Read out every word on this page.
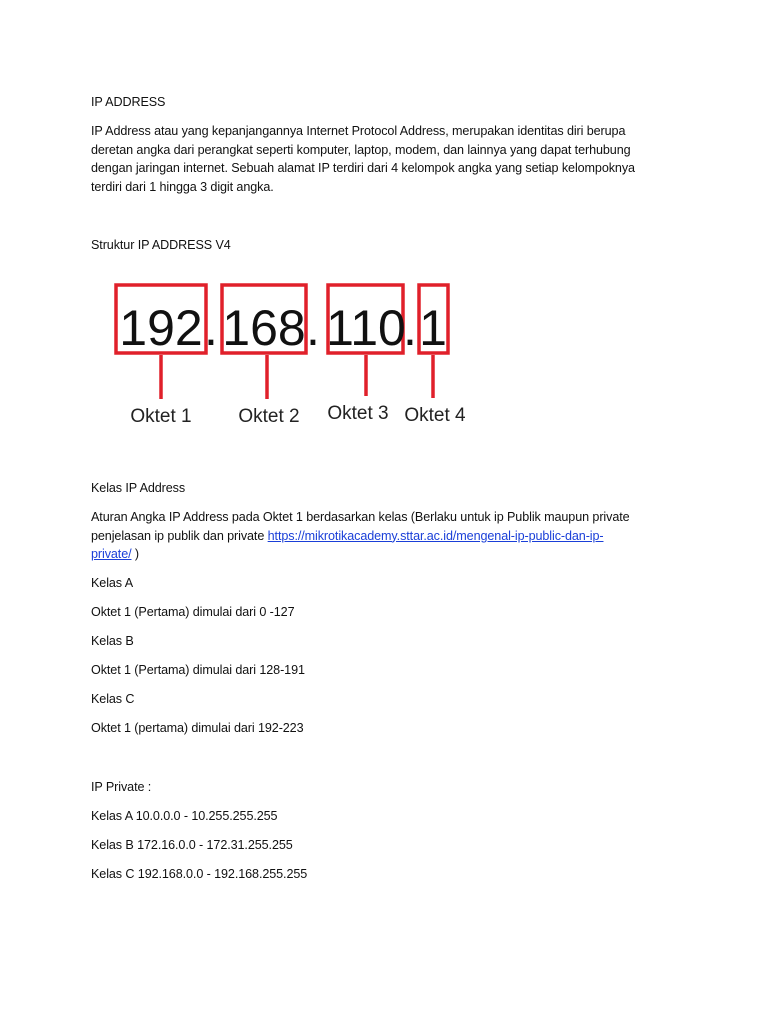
IP ADDRESS

IP Address atau yang kepanjangannya Internet Protocol Address, merupakan identitas diri berupa

deretan angka dari perangkat seperti komputer, laptop, modem, dan lainnya yang dapat terhubung

dengan jaringan internet. Sebuah alamat IP terdiri dari 4 kelompok angka yang setiap kelompoknya

terdiri dari 1 hingga 3 digit angka.

Struktur IP ADDRESS V4

192
Oktet 1
. 168
Oktet 2
. 110
Oktet 3
. 1
Oktet 4

Kelas IP Address

Aturan Angka IP Address pada Oktet 1 berdasarkan kelas (Berlaku untuk ip Publik maupun private

penjelasan ip publik dan private https://mikrotikacademy.sttar.ac.id/mengenal-ip-public-dan-ip-

private/ )

Kelas A

Oktet 1 (Pertama) dimulai dari 0 -127

Kelas B

Oktet 1 (Pertama) dimulai dari 128-191

Kelas C

Oktet 1 (pertama) dimulai dari 192-223

IP Private :

Kelas A 10.0.0.0 - 10.255.255.255

Kelas B 172.16.0.0 - 172.31.255.255

Kelas C 192.168.0.0 - 192.168.255.255
